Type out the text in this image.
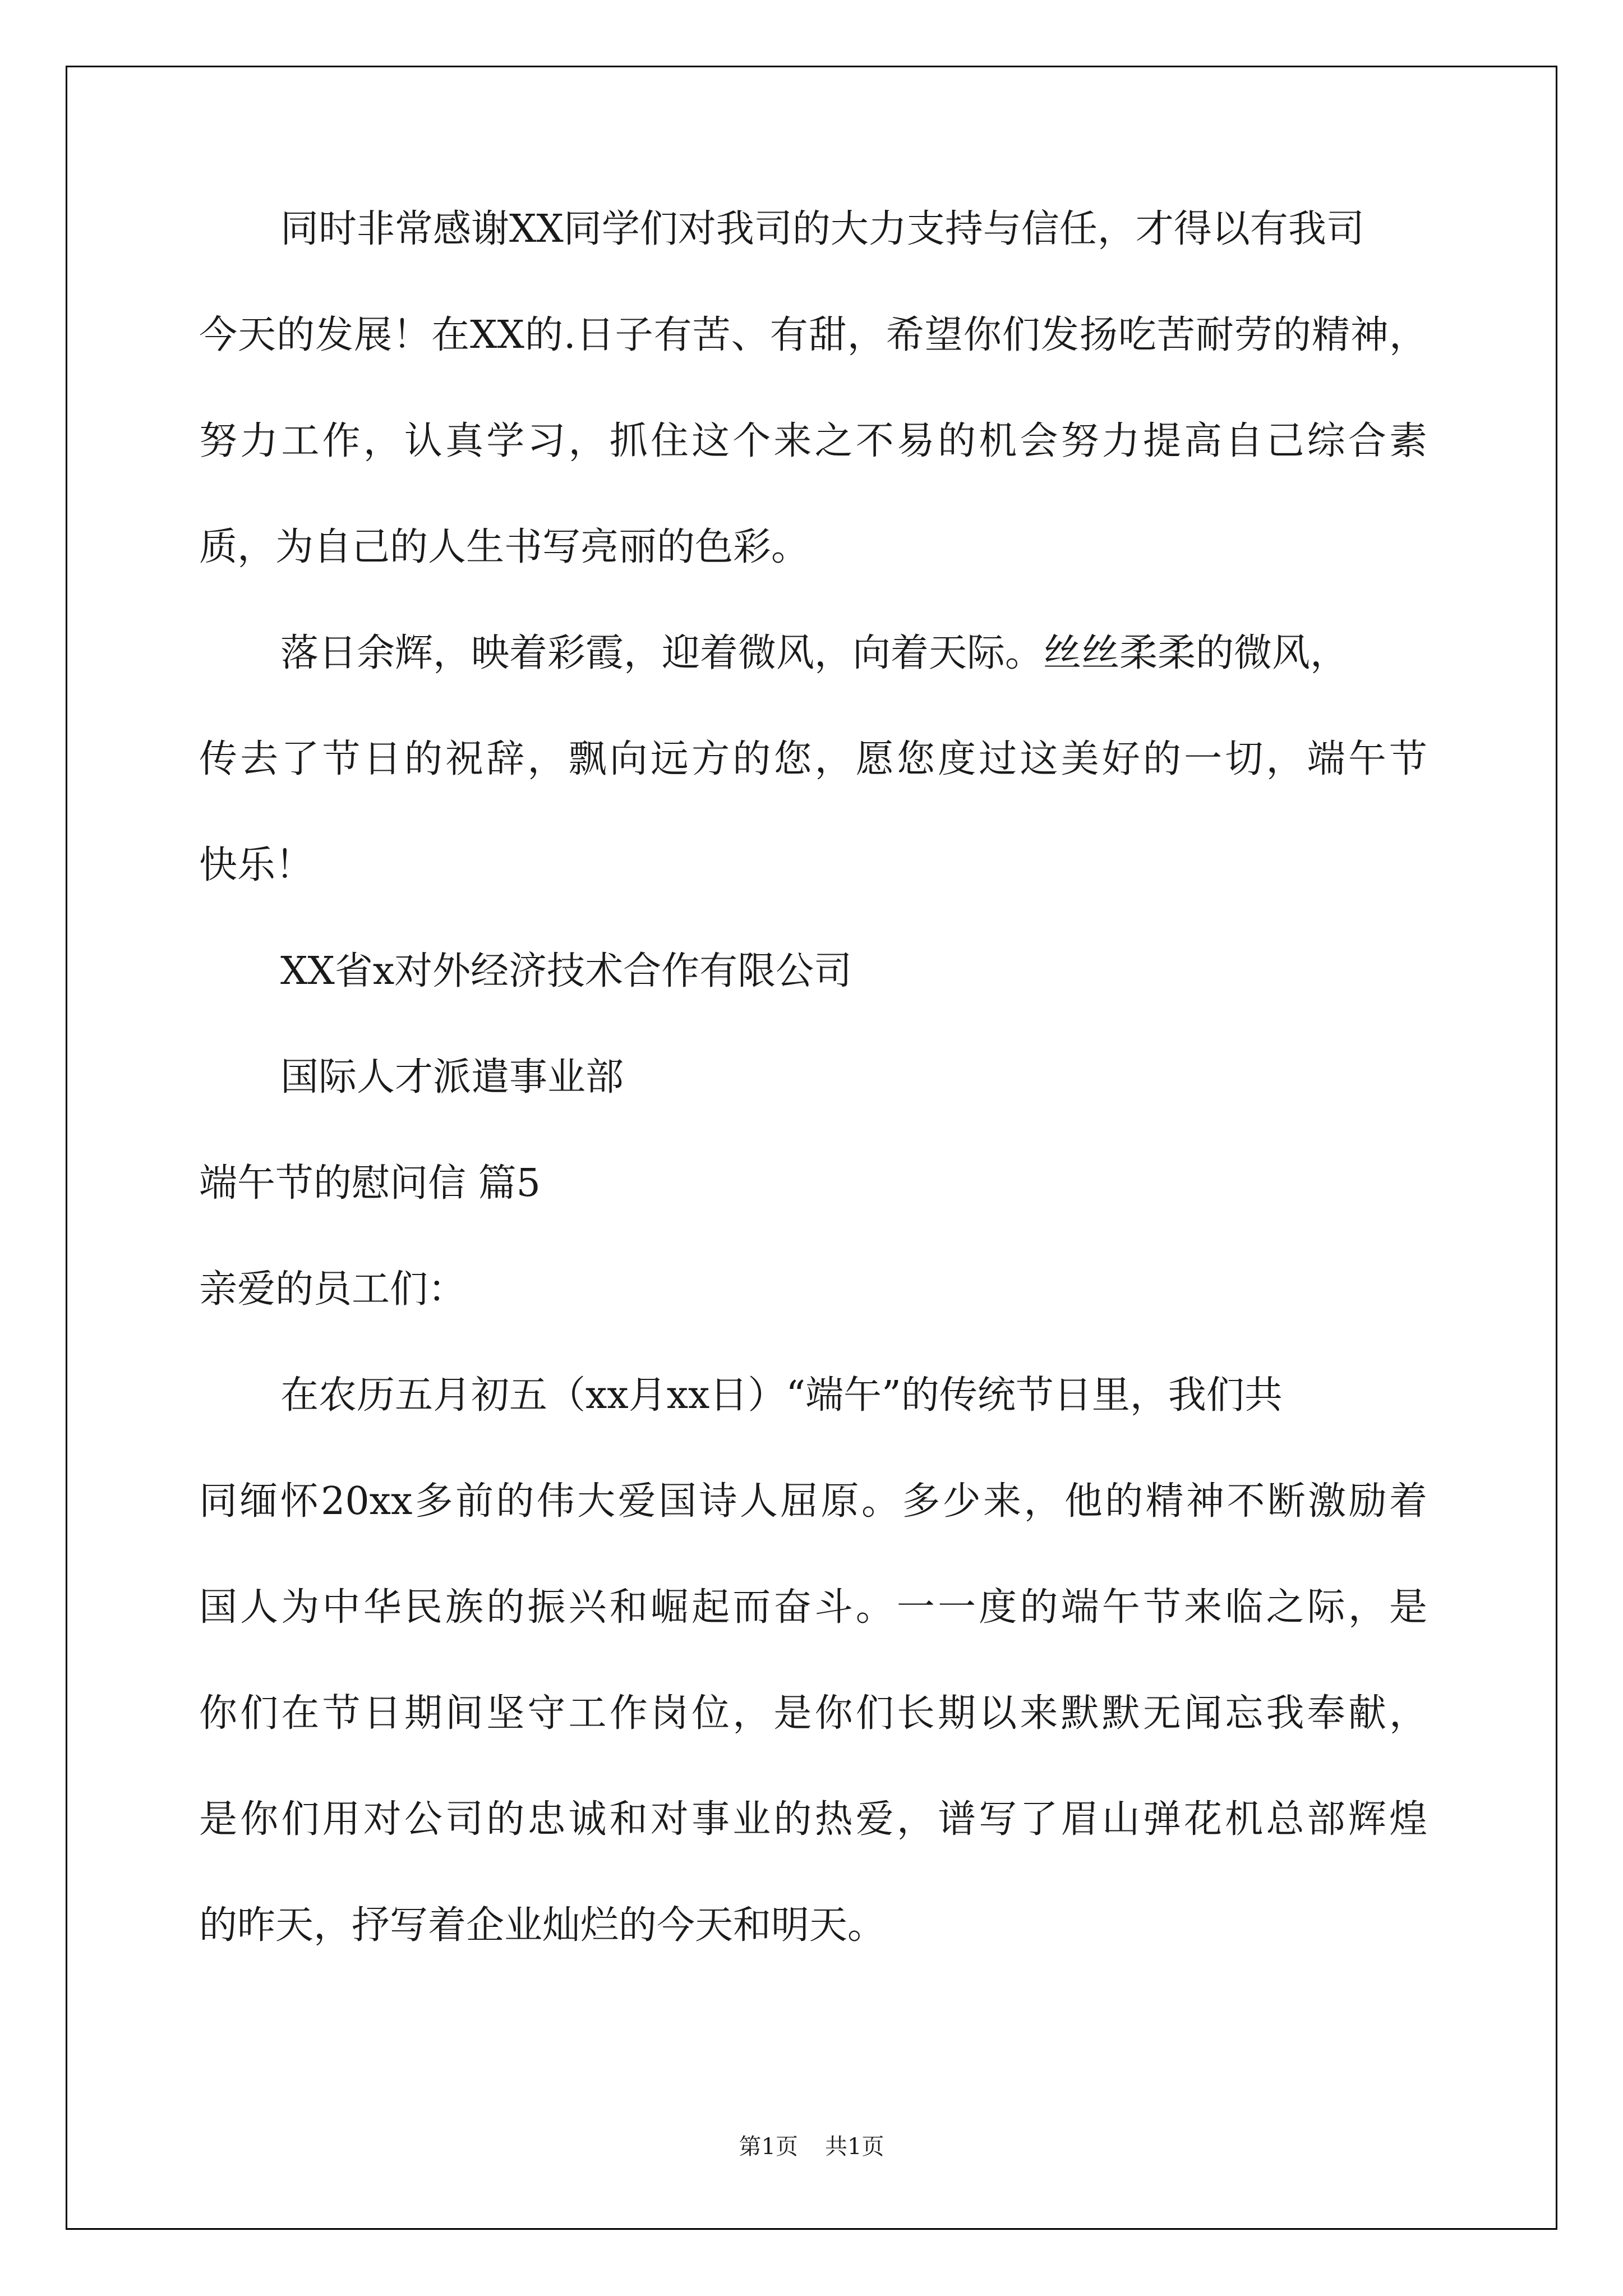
同时非常感谢XX同学们对我司的大力支持与信任，才得以有我司
今天的发展！在XX的.日子有苦、有甜，希望你们发扬吃苦耐劳的精神，
努力工作，认真学习，抓住这个来之不易的机会努力提高自己综合素
质，为自己的人生书写亮丽的色彩。
落日余辉，映着彩霞，迎着微风，向着天际。丝丝柔柔的微风，
传去了节日的祝辞，飘向远方的您，愿您度过这美好的一切，端午节
快乐！
XX省x对外经济技术合作有限公司
国际人才派遣事业部
端午节的慰问信 篇5
亲爱的员工们：
在农历五月初五（xx月xx日）“端午”的传统节日里，我们共
同缅怀20xx多前的伟大爱国诗人屈原。多少来，他的精神不断激励着
国人为中华民族的振兴和崛起而奋斗。一一度的端午节来临之际，是
你们在节日期间坚守工作岗位，是你们长期以来默默无闻忘我奉献，
是你们用对公司的忠诚和对事业的热爱，谱写了眉山弹花机总部辉煌
的昨天，抒写着企业灿烂的今天和明天。
第1页 共1页
